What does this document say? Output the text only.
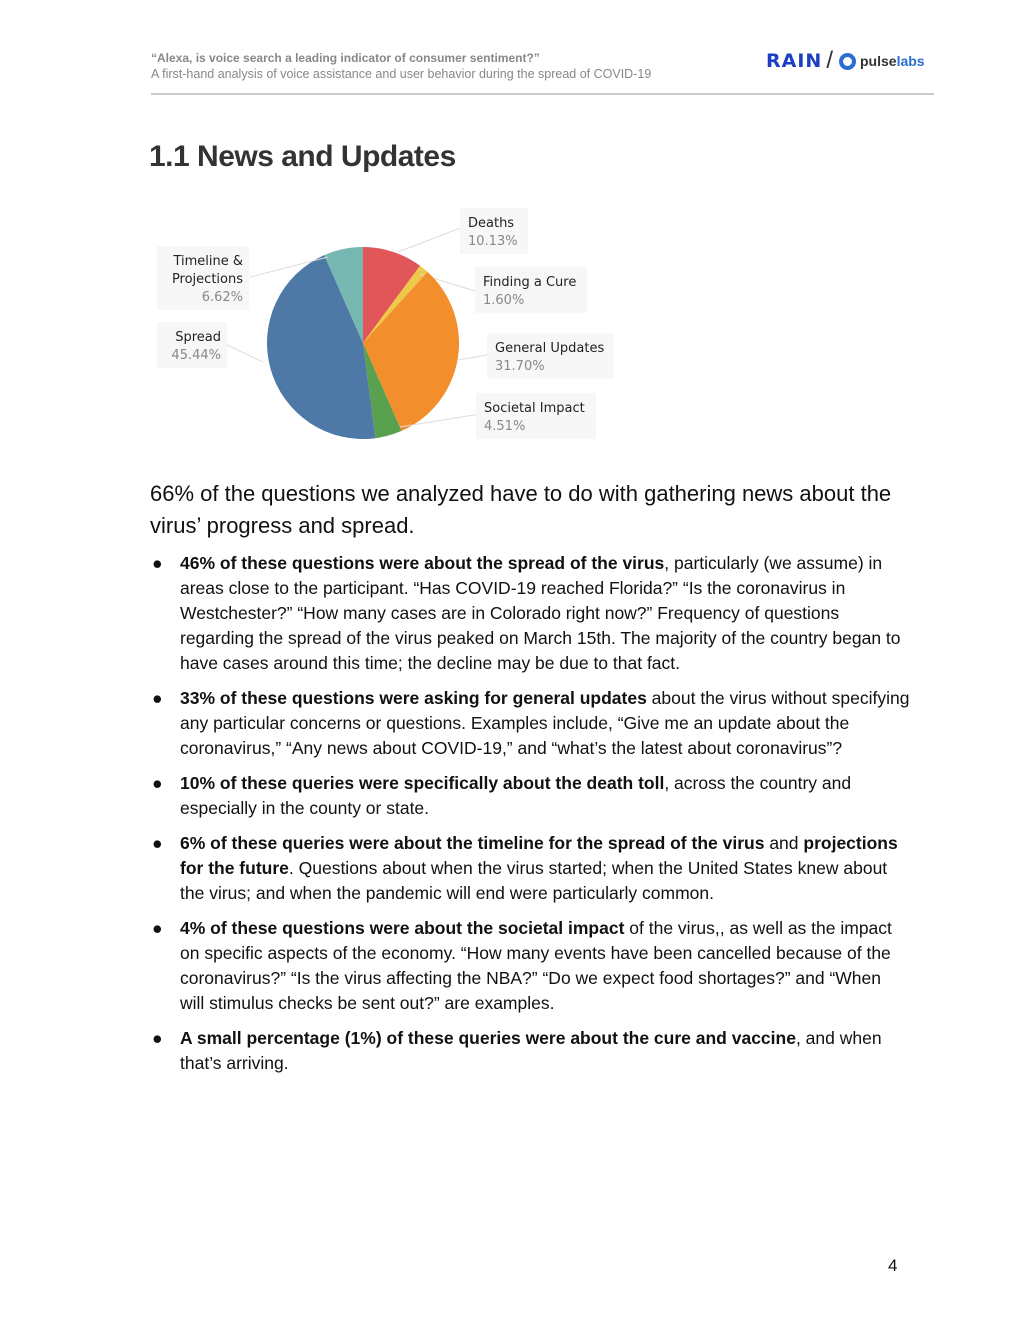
“Alexa, is voice search a leading indicator of consumer sentiment?”
A first-hand analysis of voice assistance and user behavior during the spread of COVID-19
RAIN / pulselabs
1.1 News and Updates
Deaths
10.13%
Finding a Cure
1.60%
General Updates
31.70%
Societal Impact
4.51%
Spread
45.44%
Timeline &
Projections
6.62%
66% of the questions we analyzed have to do with gathering news about the virus’ progress and spread.
● 46% of these questions were about the spread of the virus, particularly (we assume) in areas close to the participant. “Has COVID-19 reached Florida?” “Is the coronavirus in Westchester?” “How many cases are in Colorado right now?” Frequency of questions regarding the spread of the virus peaked on March 15th. The majority of the country began to have cases around this time; the decline may be due to that fact.
● 33% of these questions were asking for general updates about the virus without specifying any particular concerns or questions. Examples include, “Give me an update about the coronavirus,” “Any news about COVID-19,” and “what’s the latest about coronavirus”?
● 10% of these queries were specifically about the death toll, across the country and especially in the county or state.
● 6% of these queries were about the timeline for the spread of the virus and projections for the future. Questions about when the virus started; when the United States knew about the virus; and when the pandemic will end were particularly common.
● 4% of these questions were about the societal impact of the virus,, as well as the impact on specific aspects of the economy. “How many events have been cancelled because of the coronavirus?” “Is the virus affecting the NBA?” “Do we expect food shortages?” and “When will stimulus checks be sent out?” are examples.
● A small percentage (1%) of these queries were about the cure and vaccine, and when that’s arriving.
4
